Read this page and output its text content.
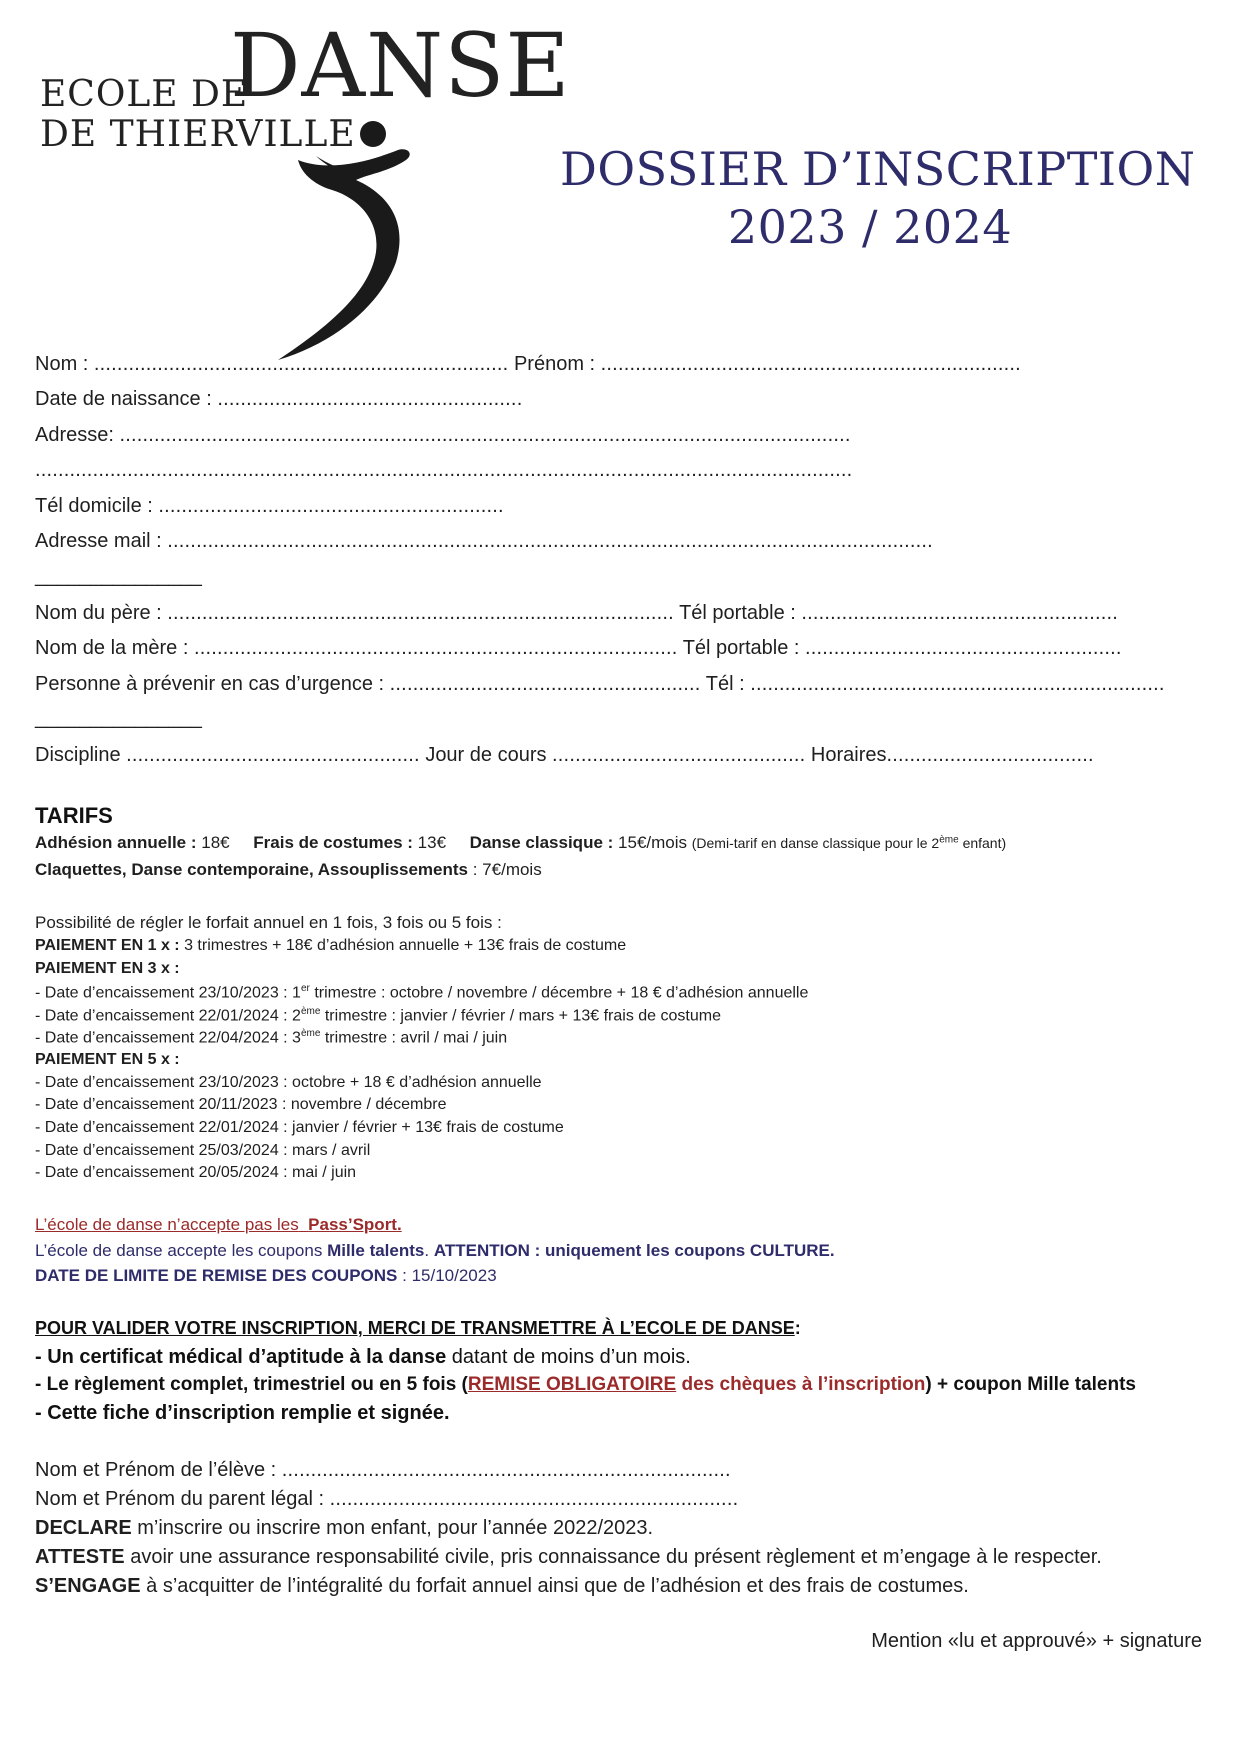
ECOLE DE
DANSE
DE THIERVILLE
DOSSIER D’INSCRIPTION
2023 / 2024
Nom : ........................................................................ Prénom : .........................................................................
Date de naissance : .....................................................
Adresse: ...............................................................................................................................
..............................................................................................................................................
Tél domicile : ............................................................
Adresse mail : .....................................................................................................................................
_______________
Nom du père : ........................................................................................ Tél portable : .......................................................
Nom de la mère : .................................................................................... Tél portable : .......................................................
Personne à prévenir en cas d’urgence : ...................................................... Tél : ........................................................................
_______________
Discipline ................................................... Jour de cours ............................................ Horaires....................................
TARIFS
Adhésion annuelle : 18€ Frais de costumes : 13€ Danse classique : 15€/mois (Demi-tarif en danse classique pour le 2ème enfant)
Claquettes, Danse contemporaine, Assouplissements : 7€/mois
Possibilité de régler le forfait annuel en 1 fois, 3 fois ou 5 fois :
PAIEMENT EN 1 x : 3 trimestres + 18€ d’adhésion annuelle + 13€ frais de costume
PAIEMENT EN 3 x :
- Date d’encaissement 23/10/2023 : 1er trimestre : octobre / novembre / décembre + 18 € d’adhésion annuelle
- Date d’encaissement 22/01/2024 : 2ème trimestre : janvier / février / mars + 13€ frais de costume
- Date d’encaissement 22/04/2024 : 3ème trimestre : avril / mai / juin
PAIEMENT EN 5 x :
- Date d’encaissement 23/10/2023 : octobre + 18 € d’adhésion annuelle
- Date d’encaissement 20/11/2023 : novembre / décembre
- Date d’encaissement 22/01/2024 : janvier / février + 13€ frais de costume
- Date d’encaissement 25/03/2024 : mars / avril
- Date d’encaissement 20/05/2024 : mai / juin
L’école de danse n’accepte pas les Pass’Sport.
L’école de danse accepte les coupons Mille talents. ATTENTION : uniquement les coupons CULTURE.
DATE DE LIMITE DE REMISE DES COUPONS : 15/10/2023
POUR VALIDER VOTRE INSCRIPTION, MERCI DE TRANSMETTRE À L’ECOLE DE DANSE:
- Un certificat médical d’aptitude à la danse datant de moins d’un mois.
- Le règlement complet, trimestriel ou en 5 fois (REMISE OBLIGATOIRE des chèques à l’inscription) + coupon Mille talents
- Cette fiche d’inscription remplie et signée.
Nom et Prénom de l’élève : ..............................................................................
Nom et Prénom du parent légal : .......................................................................
DECLARE m’inscrire ou inscrire mon enfant, pour l’année 2022/2023.
ATTESTE avoir une assurance responsabilité civile, pris connaissance du présent règlement et m’engage à le respecter.
S’ENGAGE à s’acquitter de l’intégralité du forfait annuel ainsi que de l’adhésion et des frais de costumes.
Mention «lu et approuvé» + signature
